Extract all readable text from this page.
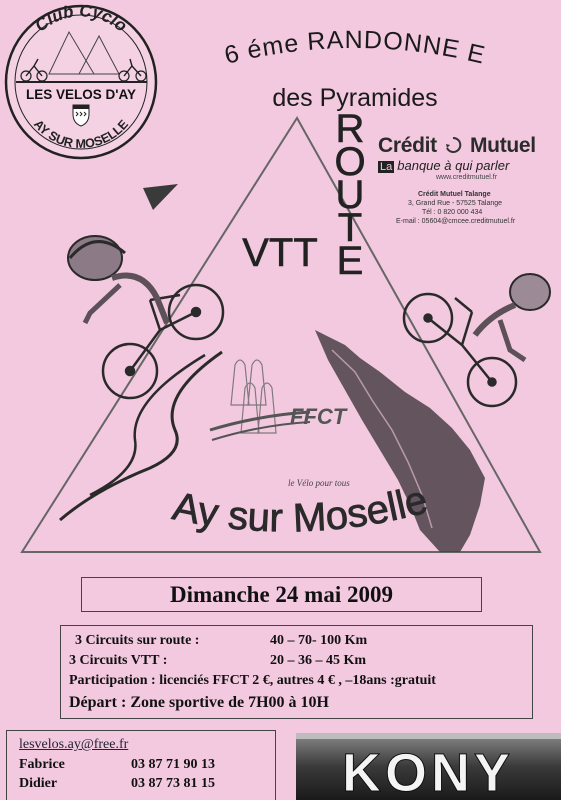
Club Cyclo
LES VELOS D'AY
AY SUR MOSELLE
6 éme RANDONNE E
des Pyramides
R O U T E
VTT
FFCT
le Vélo pour tous
Ay sur Moselle
Crédit Mutuel
La banque à qui parler
www.creditmutuel.fr
Crédit Mutuel Talange
3, Grand Rue - 57525 Talange
Tél : 0 820 000 434
E-mail : 05604@cmcee.creditmutuel.fr
Dimanche 24 mai 2009
3 Circuits sur route :	40 – 70- 100 Km
3 Circuits VTT :	20 – 36 – 45 Km
Participation : licenciés FFCT 2 €, autres 4 € , –18ans :gratuit
Départ : Zone sportive de 7H00 à 10H
lesvelos.ay@free.fr
Fabrice	03 87 71 90 13
Didier	03 87 73 81 15 KONY
